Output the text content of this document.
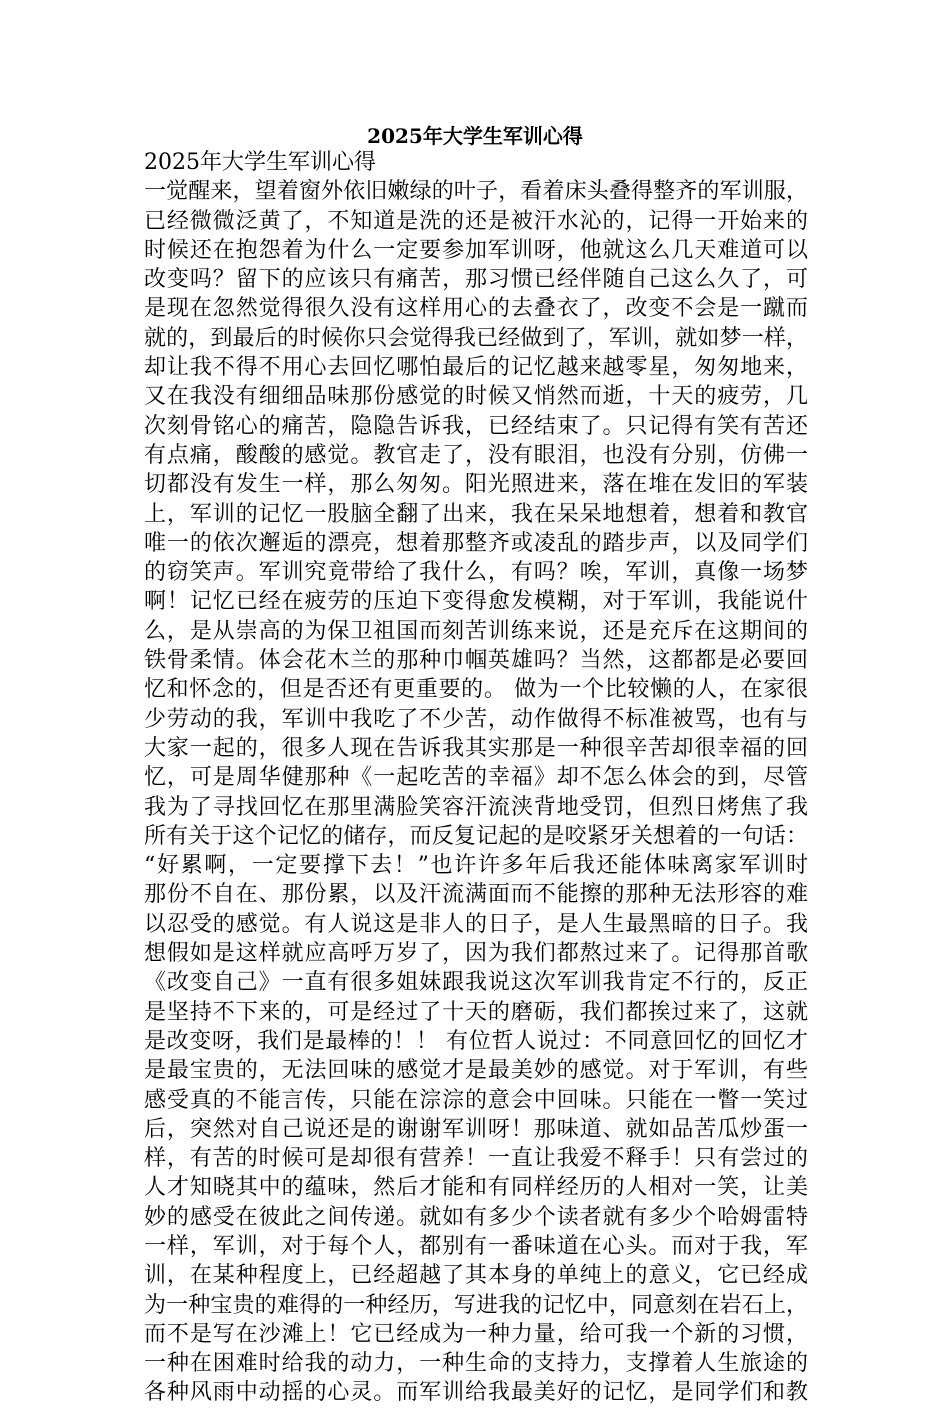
2025年大学生军训心得
2025年大学生军训心得
一觉醒来，望着窗外依旧嫩绿的叶子，看着床头叠得整齐的军训服，
已经微微泛黄了，不知道是洗的还是被汗水沁的，记得一开始来的
时候还在抱怨着为什么一定要参加军训呀，他就这么几天难道可以
改变吗？留下的应该只有痛苦，那习惯已经伴随自己这么久了，可
是现在忽然觉得很久没有这样用心的去叠衣了，改变不会是一蹴而
就的，到最后的时候你只会觉得我已经做到了，军训，就如梦一样，
却让我不得不用心去回忆哪怕最后的记忆越来越零星，匆匆地来，
又在我没有细细品味那份感觉的时候又悄然而逝，十天的疲劳，几
次刻骨铭心的痛苦，隐隐告诉我，已经结束了。只记得有笑有苦还
有点痛，酸酸的感觉。教官走了，没有眼泪，也没有分别，仿佛一
切都没有发生一样，那么匆匆。阳光照进来，落在堆在发旧的军装
上，军训的记忆一股脑全翻了出来，我在呆呆地想着，想着和教官
唯一的依次邂逅的漂亮，想着那整齐或凌乱的踏步声，以及同学们
的窃笑声。军训究竟带给了我什么，有吗？唉，军训，真像一场梦
啊！记忆已经在疲劳的压迫下变得愈发模糊，对于军训，我能说什
么，是从崇高的为保卫祖国而刻苦训练来说，还是充斥在这期间的
铁骨柔情。体会花木兰的那种巾帼英雄吗？当然，这都都是必要回
忆和怀念的，但是否还有更重要的。 做为一个比较懒的人，在家很
少劳动的我，军训中我吃了不少苦，动作做得不标准被骂，也有与
大家一起的，很多人现在告诉我其实那是一种很辛苦却很幸福的回
忆，可是周华健那种《一起吃苦的幸福》却不怎么体会的到，尽管
我为了寻找回忆在那里满脸笑容汗流浃背地受罚，但烈日烤焦了我
所有关于这个记忆的储存，而反复记起的是咬紧牙关想着的一句话：
“好累啊，一定要撑下去！”也许许多年后我还能体味离家军训时
那份不自在、那份累，以及汗流满面而不能擦的那种无法形容的难
以忍受的感觉。有人说这是非人的日子，是人生最黑暗的日子。我
想假如是这样就应高呼万岁了，因为我们都熬过来了。记得那首歌
《改变自己》一直有很多姐妹跟我说这次军训我肯定不行的，反正
是坚持不下来的，可是经过了十天的磨砺，我们都挨过来了，这就
是改变呀，我们是最棒的！！ 有位哲人说过：不同意回忆的回忆才
是最宝贵的，无法回味的感觉才是最美妙的感觉。对于军训，有些
感受真的不能言传，只能在淙淙的意会中回味。只能在一瞥一笑过
后，突然对自己说还是的谢谢军训呀！那味道、就如品苦瓜炒蛋一
样，有苦的时候可是却很有营养！一直让我爱不释手！只有尝过的
人才知晓其中的蕴味，然后才能和有同样经历的人相对一笑，让美
妙的感受在彼此之间传递。就如有多少个读者就有多少个哈姆雷特
一样，军训，对于每个人，都别有一番味道在心头。而对于我，军
训，在某种程度上，已经超越了其本身的单纯上的意义，它已经成
为一种宝贵的难得的一种经历，写进我的记忆中，同意刻在岩石上，
而不是写在沙滩上！它已经成为一种力量，给可我一个新的习惯，
一种在困难时给我的动力，一种生命的支持力，支撑着人生旅途的
各种风雨中动摇的心灵。而军训给我最美好的记忆，是同学们和教
